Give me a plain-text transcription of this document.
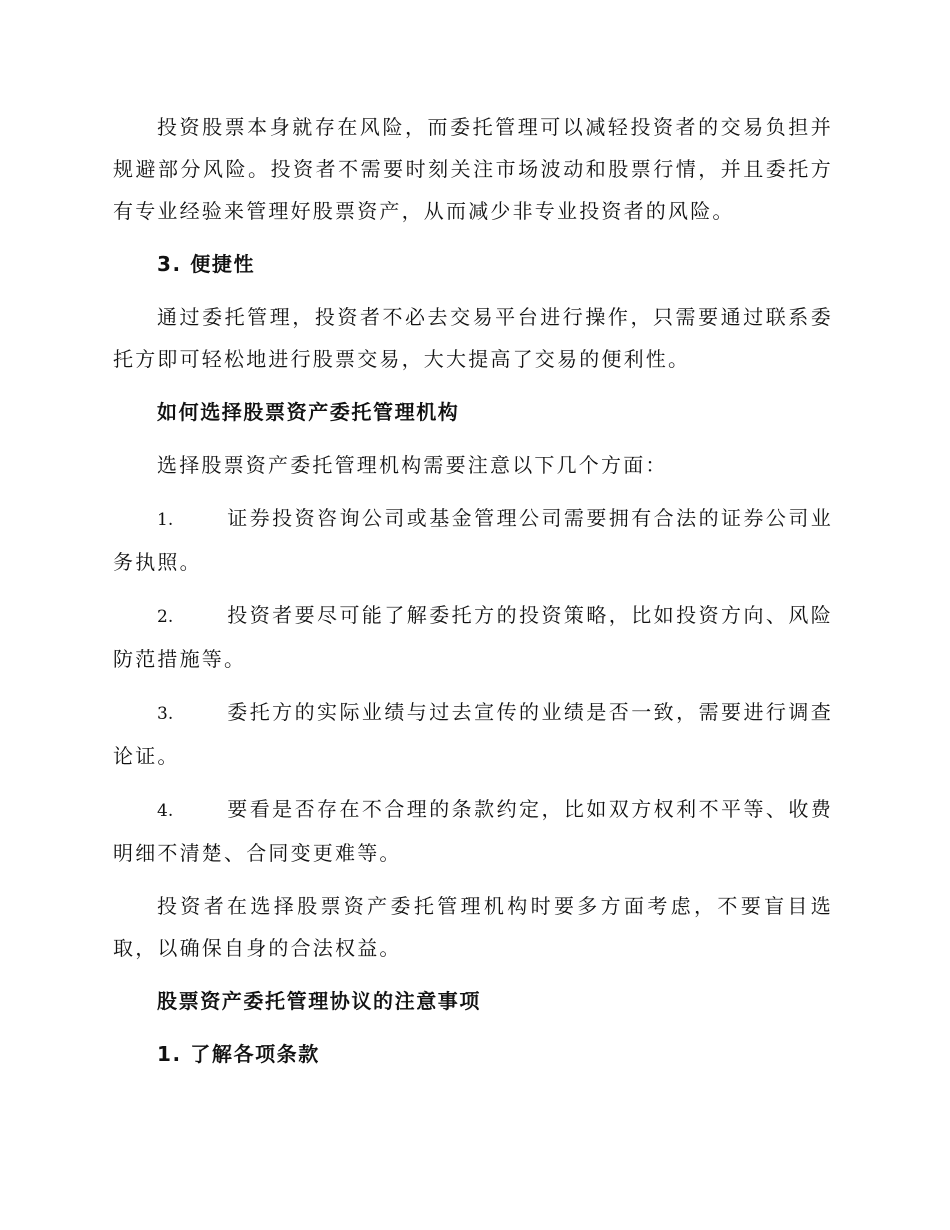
投资股票本身就存在风险，而委托管理可以减轻投资者的交易负担并规避部分风险。投资者不需要时刻关注市场波动和股票行情，并且委托方有专业经验来管理好股票资产，从而减少非专业投资者的风险。

3. 便捷性

通过委托管理，投资者不必去交易平台进行操作，只需要通过联系委托方即可轻松地进行股票交易，大大提高了交易的便利性。

如何选择股票资产委托管理机构

选择股票资产委托管理机构需要注意以下几个方面：

1.	证券投资咨询公司或基金管理公司需要拥有合法的证券公司业务执照。
2.	投资者要尽可能了解委托方的投资策略，比如投资方向、风险防范措施等。
3.	委托方的实际业绩与过去宣传的业绩是否一致，需要进行调查论证。
4.	要看是否存在不合理的条款约定，比如双方权利不平等、收费明细不清楚、合同变更难等。

投资者在选择股票资产委托管理机构时要多方面考虑，不要盲目选取，以确保自身的合法权益。

股票资产委托管理协议的注意事项
1. 了解各项条款
